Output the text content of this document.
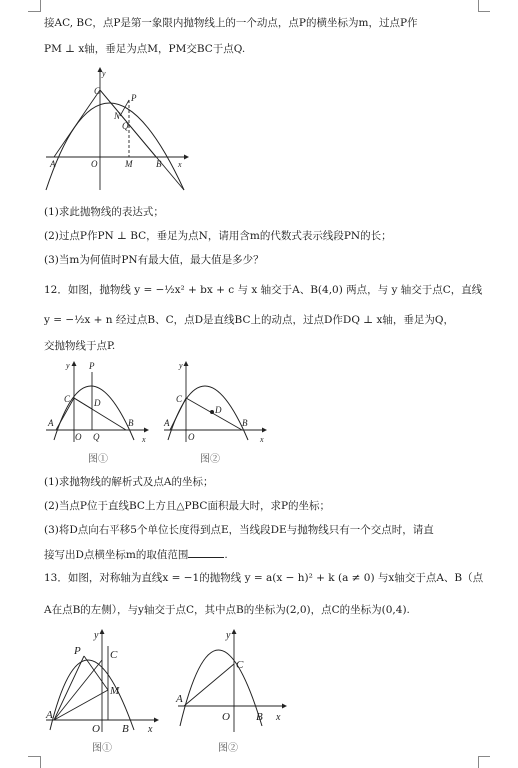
接AC, BC，点P是第一象限内抛物线上的一个动点，点P的横坐标为m，过点P作
PM ⊥ x轴，垂足为点M，PM交BC于点Q.
y
C
P
N
Q
A	O	M	B x
(1)求此抛物线的表达式；
(2)过点P作PN ⊥ BC，垂足为点N，请用含m的代数式表示线段PN的长；
(3)当m为何值时PN有最大值，最大值是多少？
12．如图，抛物线 y = −½x² + bx + c 与 x 轴交于A、B(4,0) 两点，与 y 轴交于点C，直线
y = −½x + n 经过点B、C，点D是直线BC上的动点，过点D作DQ ⊥ x轴，垂足为Q，
交抛物线于点P.
y P
C	D
A
O Q
B
x
图①
y
C
D
A
O
B
x
图②
(1)求抛物线的解析式及点A的坐标；
(2)当点P位于直线BC上方且△PBC面积最大时，求P的坐标；
(3)将D点向右平移5个单位长度得到点E，当线段DE与抛物线只有一个交点时，请直
接写出D点横坐标m的取值范围	.
13．如图，对称轴为直线x = −1的抛物线 y = a(x − h)² + k (a ≠ 0) 与x轴交于点A、B（点
A在点B的左侧），与y轴交于点C，其中点B的坐标为(2,0)，点C的坐标为(0,4).
y
P	C
M
A
O B x
图①
y
C
A
O B x
图②
